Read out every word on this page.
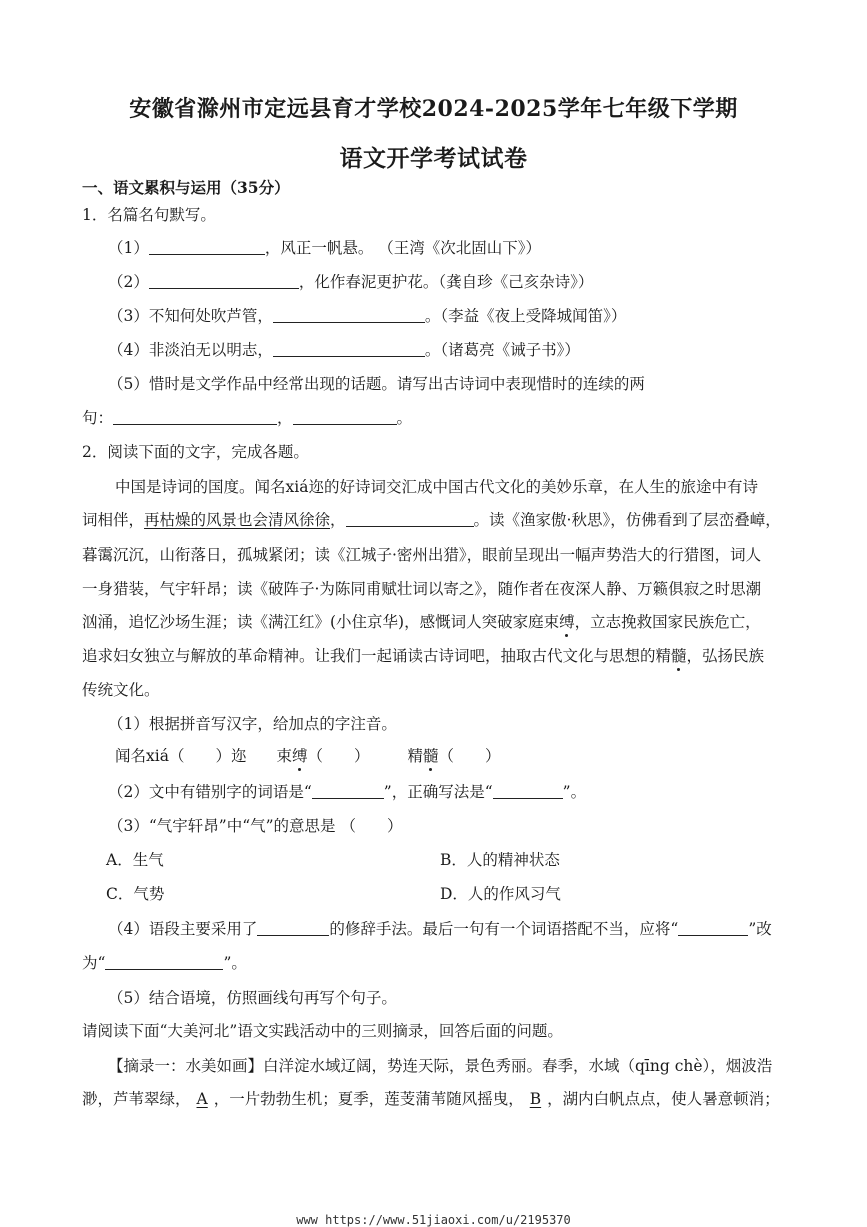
安徽省滁州市定远县育才学校2024-2025学年七年级下学期
语文开学考试试卷
一、语文累积与运用（35分）
1．名篇名句默写。
（1）	，风正一帆悬。 （王湾《次北固山下》）
（2）	，化作春泥更护花。（龚自珍《己亥杂诗》）
（3）不知何处吹芦管，	。（李益《夜上受降城闻笛》）
（4）非淡泊无以明志，	。（诸葛亮《诫子书》）
（5）惜时是文学作品中经常出现的话题。请写出古诗词中表现惜时的连续的两
句：	，	。
2．阅读下面的文字，完成各题。
中国是诗词的国度。闻名xiá迩的好诗词交汇成中国古代文化的美妙乐章，在人生的旅途中有诗
词相伴，再枯燥的风景也会清风徐徐，	。读《渔家傲·秋思》，仿佛看到了层峦叠嶂，
暮霭沉沉，山衔落日，孤城紧闭；读《江城子·密州出猎》，眼前呈现出一幅声势浩大的行猎图，词人
一身猎装，气宇轩昂；读《破阵子·为陈同甫赋壮词以寄之》，随作者在夜深人静、万籁俱寂之时思潮
汹涌，追忆沙场生涯；读《满江红》(小住京华)，感慨词人突破家庭束缚，立志挽救国家民族危亡，
追求妇女独立与解放的革命精神。让我们一起诵读古诗词吧，抽取古代文化与思想的精髓，弘扬民族
传统文化。
（1）根据拼音写汉字，给加点的字注音。
闻名xiá（　　）迩 束缚（　　） 精髓（　　）
（2）文中有错别字的词语是“	”，正确写法是“	”。
（3）“气宇轩昂”中“气”的意思是 （　　）
A．生气	B．人的精神状态
C．气势	D．人的作风习气
（4）语段主要采用了	的修辞手法。最后一句有一个词语搭配不当，应将“	”改
为“	”。
（5）结合语境，仿照画线句再写个句子。
请阅读下面“大美河北”语文实践活动中的三则摘录，回答后面的问题。
【摘录一：水美如画】白洋淀水域辽阔，势连天际，景色秀丽。春季，水域（qīng chè），烟波浩
渺，芦苇翠绿， A ，一片勃勃生机；夏季，莲芰蒲苇随风摇曳， B ，湖内白帆点点，使人暑意顿消；
www https://www.51jiaoxi.com/u/2195370
